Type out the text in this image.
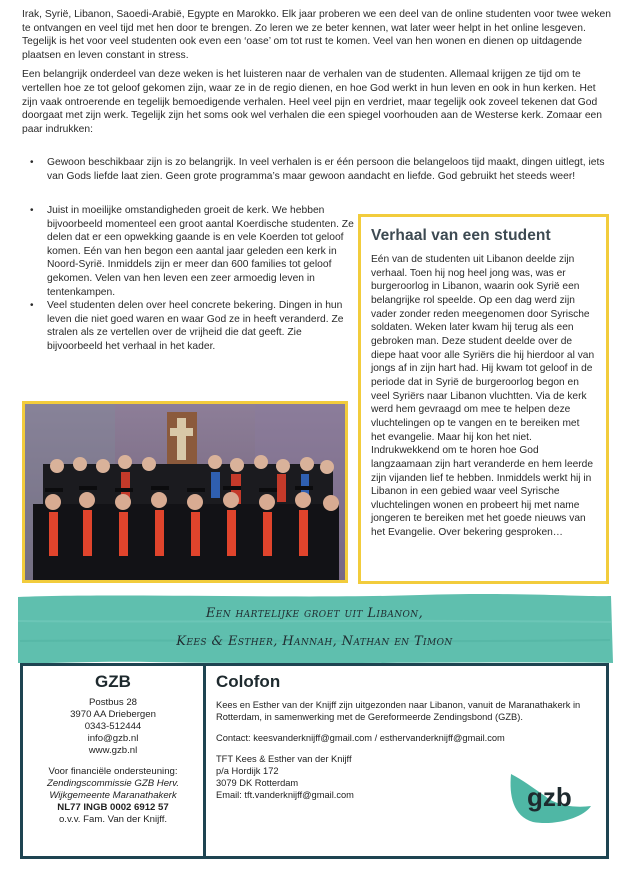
Irak, Syrië, Libanon, Saoedi-Arabië, Egypte en Marokko. Elk jaar proberen we een deel van de online studenten voor twee weken te ontvangen en veel tijd met hen door te brengen. Zo leren we ze beter kennen, wat later weer helpt in het online lesgeven. Tegelijk is het voor veel studenten ook even een ‘oase’ om tot rust te komen. Veel van hen wonen en dienen op uitdagende plaatsen en leven constant in stress.

Een belangrijk onderdeel van deze weken is het luisteren naar de verhalen van de studenten. Allemaal krijgen ze tijd om te vertellen hoe ze tot geloof gekomen zijn, waar ze in de regio dienen, en hoe God werkt in hun leven en ook in hun kerken. Het zijn vaak ontroerende en tegelijk bemoedigende verhalen. Heel veel pijn en verdriet, maar tegelijk ook zoveel tekenen dat God doorgaat met zijn werk. Tegelijk zijn het soms ook wel verhalen die een spiegel voorhouden aan de Westerse kerk. Zomaar een paar indrukken:

• Gewoon beschikbaar zijn is zo belangrijk. In veel verhalen is er één persoon die belangeloos tijd maakt, dingen uitlegt, iets van Gods liefde laat zien. Geen grote programma’s maar gewoon aandacht en liefde. God gebruikt het steeds weer!
• Juist in moeilijke omstandigheden groeit de kerk. We hebben bijvoorbeeld momenteel een groot aantal Koerdische studenten. Ze delen dat er een opwekking gaande is en vele Koerden tot geloof komen. Eén van hen begon een aantal jaar geleden een kerk in Noord-Syrië. Inmiddels zijn er meer dan 600 families tot geloof gekomen. Velen van hen leven een zeer armoedig leven in tentenkampen.
• Veel studenten delen over heel concrete bekering. Dingen in hun leven die niet goed waren en waar God ze in heeft veranderd. Ze stralen als ze vertellen over de vrijheid die dat geeft. Zie bijvoorbeeld het verhaal in het kader.
Verhaal van een student
Eén van de studenten uit Libanon deelde zijn verhaal. Toen hij nog heel jong was, was er burgeroorlog in Libanon, waarin ook Syrië een belangrijke rol speelde. Op een dag werd zijn vader zonder reden meegenomen door Syrische soldaten. Weken later kwam hij terug als een gebroken man. Deze student deelde over de diepe haat voor alle Syriërs die hij hierdoor al van jongs af in zijn hart had. Hij kwam tot geloof in de periode dat in Syrië de burgeroorlog begon en veel Syriërs naar Libanon vluchtten. Via de kerk werd hem gevraagd om mee te helpen deze vluchtelingen op te vangen en te bereiken met het evangelie. Maar hij kon het niet. Indrukwekkend om te horen hoe God langzaamaan zijn hart veranderde en hem leerde zijn vijanden lief te hebben. Inmiddels werkt hij in Libanon in een gebied waar veel Syrische vluchtelingen wonen en probeert hij met name jongeren te bereiken met het goede nieuws van het Evangelie. Over bekering gesproken…
Een hartelijke groet uit Libanon,
Kees & Esther, Hannah, Nathan en Timon
GZB
Postbus 28
3970 AA Driebergen
0343-512444
info@gzb.nl
www.gzb.nl
Voor financiële ondersteuning:
Zendingscommissie GZB Herv.
Wijkgemeente Maranathakerk
NL77 INGB 0002 6912 57
o.v.v. Fam. Van der Knijff.
Colofon
Kees en Esther van der Knijff zijn uitgezonden naar Libanon, vanuit de Maranathakerk in Rotterdam, in samenwerking met de Gereformeerde Zendingsbond (GZB).
Contact: keesvanderknijff@gmail.com / esthervanderknijff@gmail.com
TFT Kees & Esther van der Knijff
p/a Hordijk 172
3079 DK Rotterdam
Email: tft.vanderknijff@gmail.com	gzb
